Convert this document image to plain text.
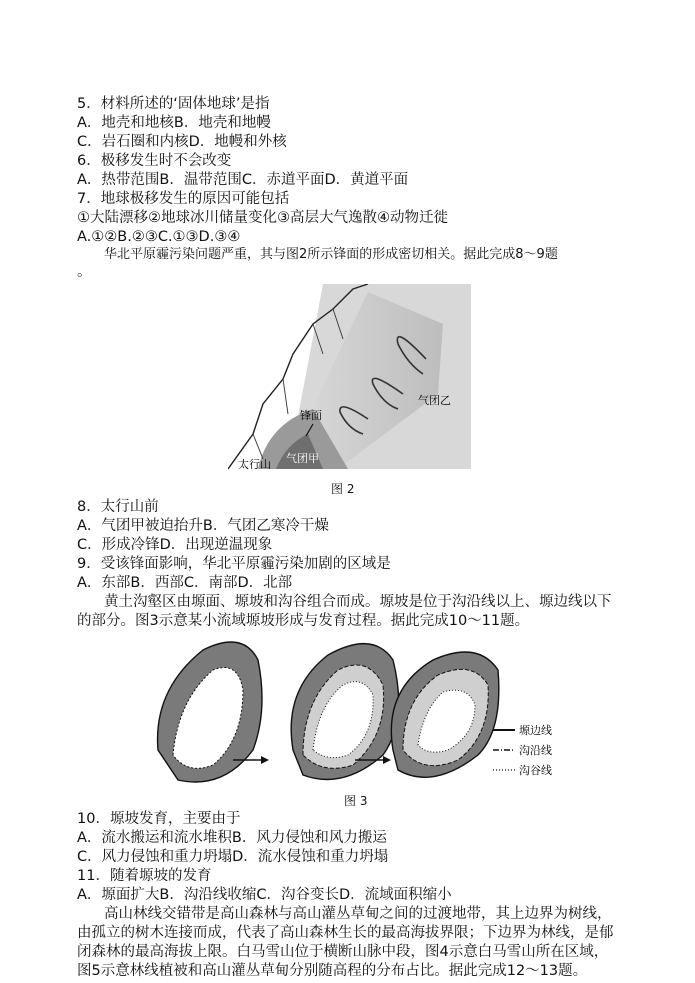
5．材料所述的‘固体地球’是指
A．地壳和地核B．地壳和地幔
C．岩石圈和内核D．地幔和外核
6．极移发生时不会改变
A．热带范围B．温带范围C．赤道平面D．黄道平面
7．地球极移发生的原因可能包括
①大陆漂移②地球冰川储量变化③高层大气逸散④动物迁徙
A.①②B.②③C.①③D.③④
华北平原霾污染问题严重，其与图2所示锋面的形成密切相关。据此完成8～9题
。
锋面
气团乙
气团甲
太行山
图 2
8．太行山前
A．气团甲被迫抬升B．气团乙寒冷干燥
C．形成冷锋D．出现逆温现象
9．受该锋面影响，华北平原霾污染加剧的区域是
A．东部B．西部C．南部D．北部
黄土沟壑区由塬面、塬坡和沟谷组合而成。塬坡是位于沟沿线以上、塬边线以下
的部分。图3示意某小流域塬坡形成与发育过程。据此完成10～11题。
塬边线
沟沿线
沟谷线
图 3
10．塬坡发育，主要由于
A．流水搬运和流水堆积B．风力侵蚀和风力搬运
C．风力侵蚀和重力坍塌D．流水侵蚀和重力坍塌
11．随着塬坡的发育
A．塬面扩大B．沟沿线收缩C．沟谷变长D．流域面积缩小
高山林线交错带是高山森林与高山灌丛草甸之间的过渡地带，其上边界为树线，
由孤立的树木连接而成，代表了高山森林生长的最高海拔界限；下边界为林线，是郁
闭森林的最高海拔上限。白马雪山位于横断山脉中段，图4示意白马雪山所在区域，
图5示意林线植被和高山灌丛草甸分别随高程的分布占比。据此完成12～13题。
